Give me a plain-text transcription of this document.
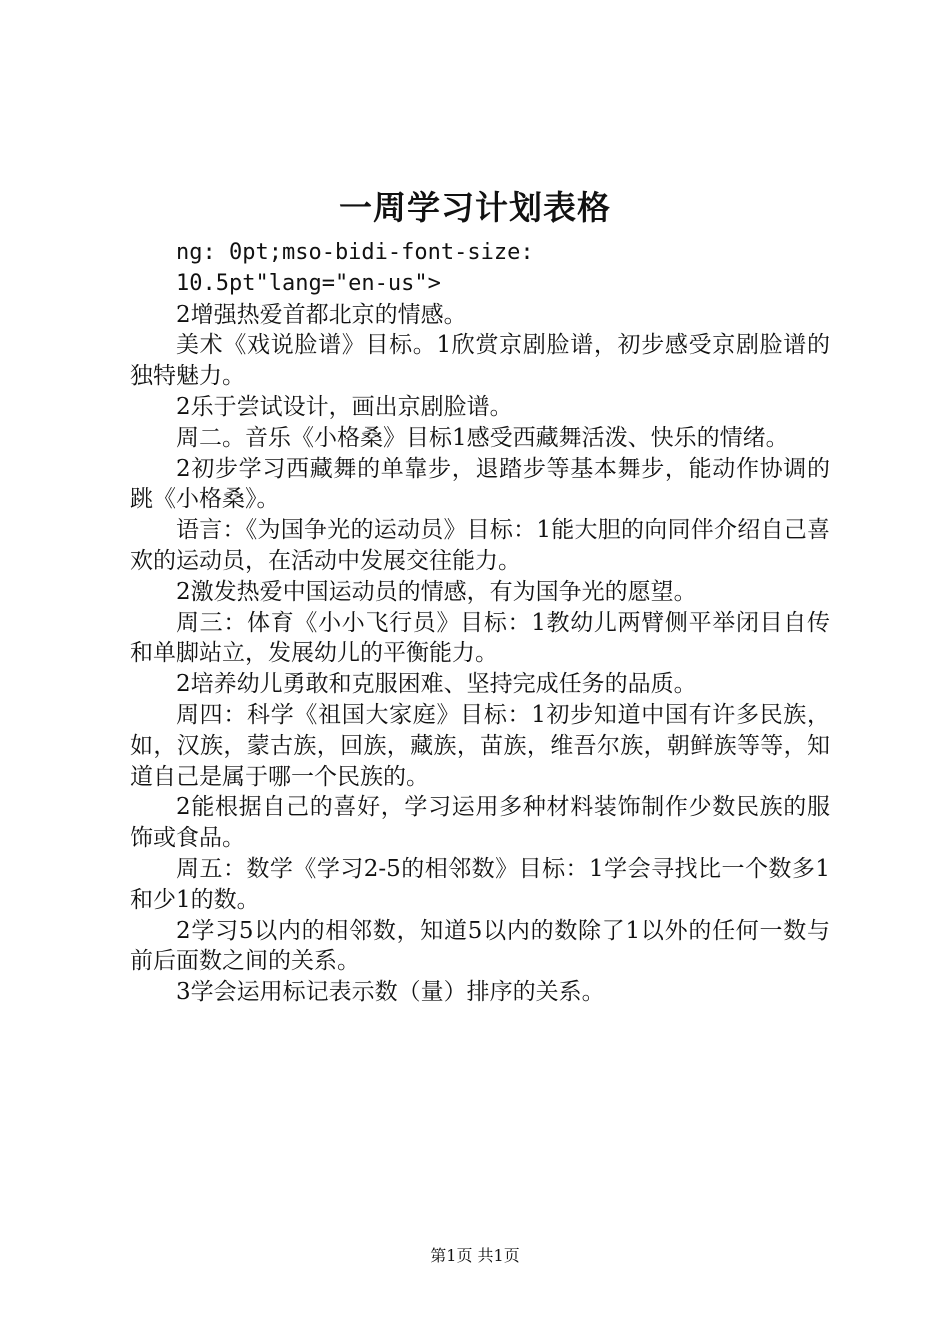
一周学习计划表格

ng: 0pt;mso-bidi-font-size:

10.5pt"lang="en-us">

2增强热爱首都北京的情感。

美术《戏说脸谱》目标。1欣赏京剧脸谱，初步感受京剧脸谱的独特魅力。

2乐于尝试设计，画出京剧脸谱。

周二。音乐《小格桑》目标1感受西藏舞活泼、快乐的情绪。

2初步学习西藏舞的单靠步，退踏步等基本舞步，能动作协调的跳《小格桑》。

语言：《为国争光的运动员》目标：1能大胆的向同伴介绍自己喜欢的运动员，在活动中发展交往能力。

2激发热爱中国运动员的情感，有为国争光的愿望。

周三：体育《小小飞行员》目标：1教幼儿两臂侧平举闭目自传和单脚站立，发展幼儿的平衡能力。

2培养幼儿勇敢和克服困难、坚持完成任务的品质。

周四：科学《祖国大家庭》目标：1初步知道中国有许多民族，如，汉族，蒙古族，回族，藏族，苗族，维吾尔族，朝鲜族等等，知道自己是属于哪一个民族的。

2能根据自己的喜好，学习运用多种材料装饰制作少数民族的服饰或食品。

周五：数学《学习2-5的相邻数》目标：1学会寻找比一个数多1和少1的数。

2学习5以内的相邻数，知道5以内的数除了1以外的任何一数与前后面数之间的关系。

3学会运用标记表示数（量）排序的关系。

第1页 共1页
